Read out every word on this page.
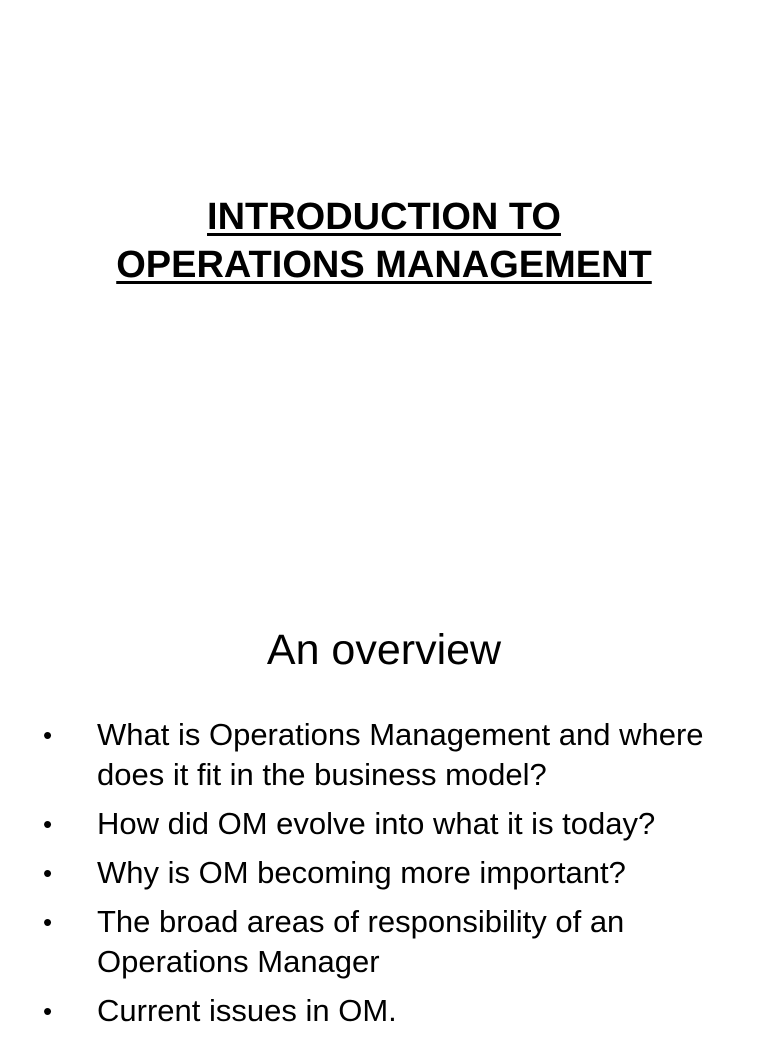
INTRODUCTION TO
OPERATIONS MANAGEMENT
An overview
• What is Operations Management and where does it fit in the business model?
• How did OM evolve into what it is today?
• Why is OM becoming more important?
• The broad areas of responsibility of an Operations Manager
• Current issues in OM.
